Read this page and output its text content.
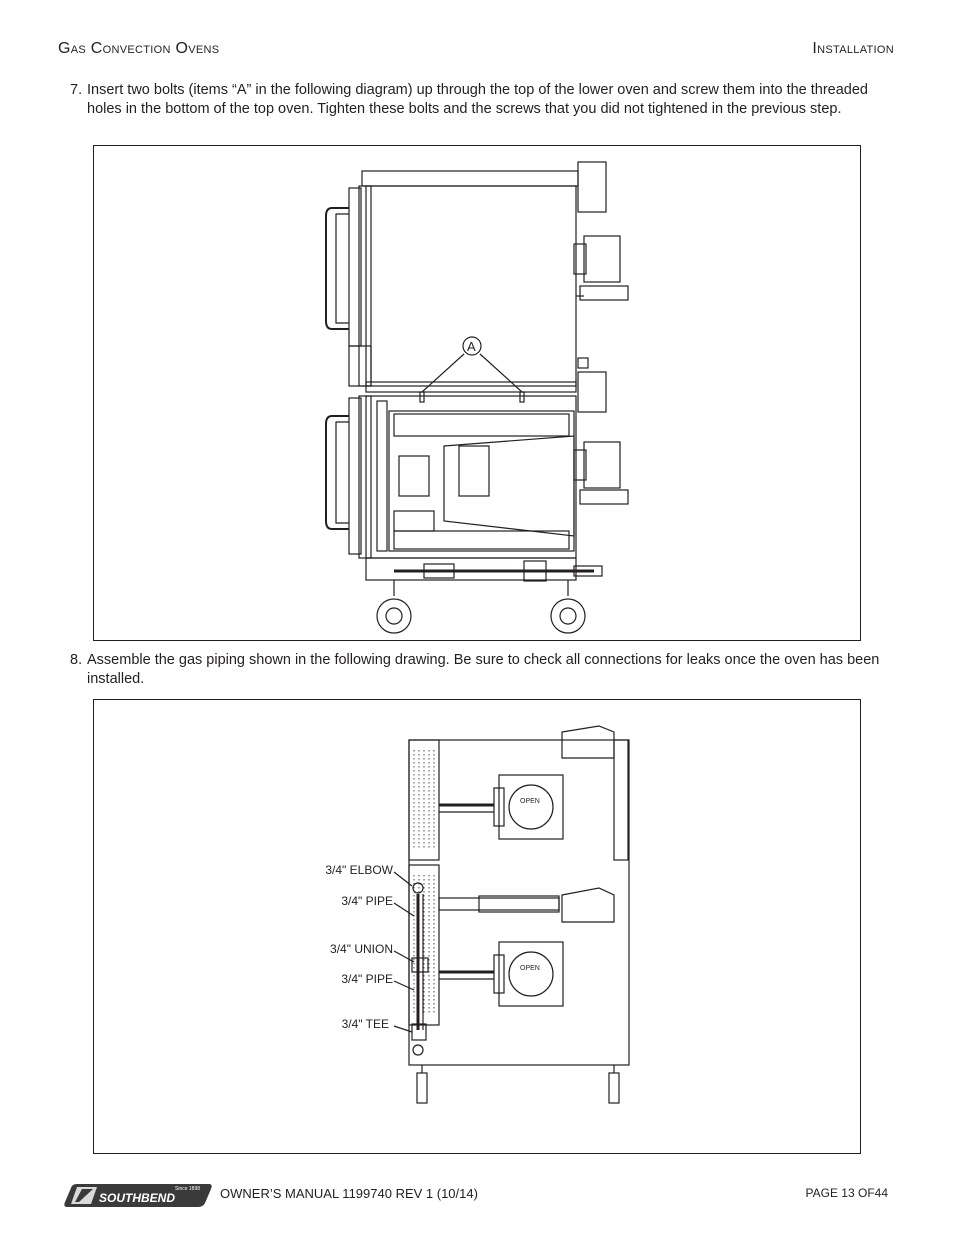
Gas Convection Ovens	Installation
7. Insert two bolts (items “A” in the following diagram) up through the top of the lower oven and screw them into the threaded holes in the bottom of the top oven. Tighten these bolts and the screws that you did not tightened in the previous step.
A
8. Assemble the gas piping shown in the following drawing. Be sure to check all connections for leaks once the oven has been installed.
OPEN
OPEN
3/4" ELBOW
3/4" PIPE
3/4" UNION
3/4" PIPE
3/4" TEE
SOUTHBEND
Since 1898 OWNER’S MANUAL 1199740 REV 1 (10/14)	PAGE 13 OF44
